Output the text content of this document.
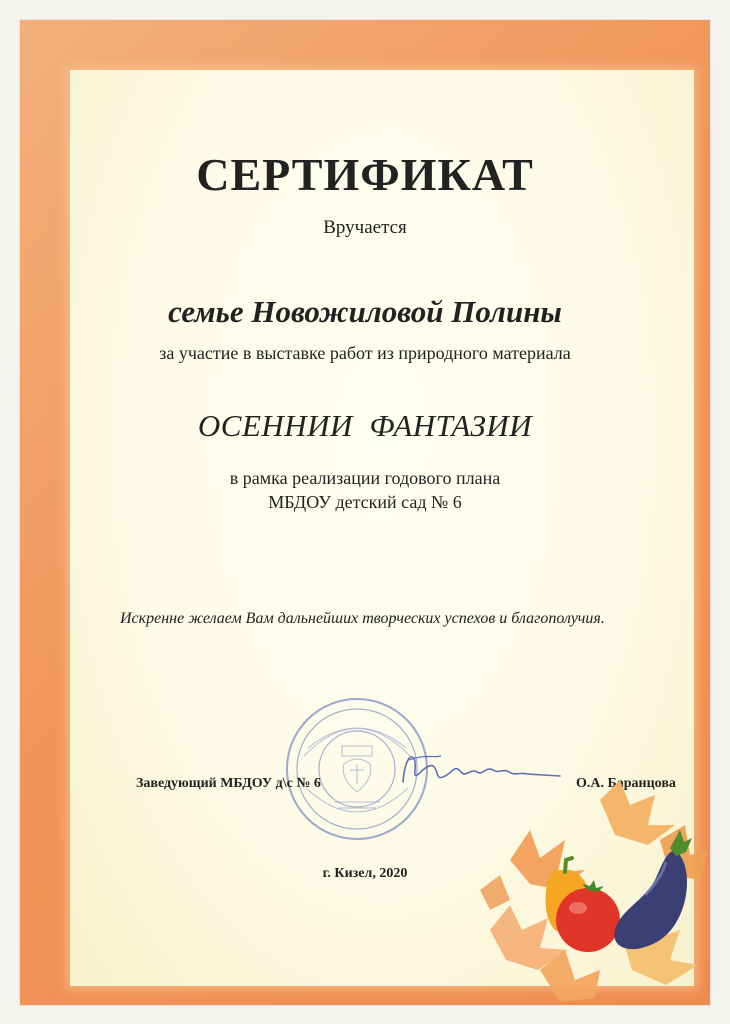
СЕРТИФИКАТ
Вручается
семье Новожиловой Полины
за участие в выставке работ из природного материала
ОСЕННИИ  ФАНТАЗИИ
в рамка реализации годового плана
МБДОУ детский сад № 6
Искренне желаем Вам дальнейших творческих успехов и благополучия.
Заведующий МБДОУ д\с № 6	О.А. Баранцова
г. Кизел, 2020
